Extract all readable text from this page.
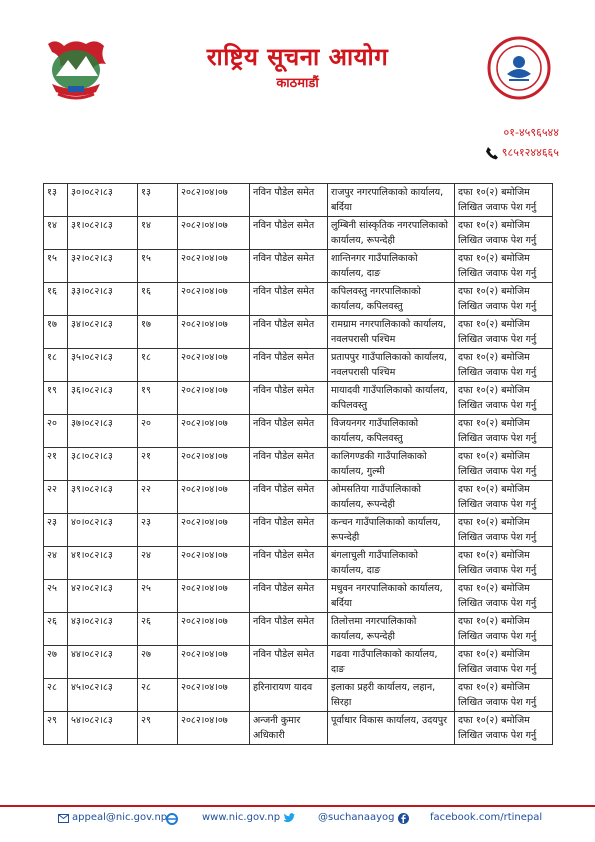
राष्ट्रिय सूचना आयोग
काठमाडौं
०१-४५९६५४४
९८५१२४४६६५
१३	३०।०८२।८३	१३	२०८२।०४।०७	नविन पौडेल समेत	राजपुर नगरपालिकाको कार्यालय, बर्दिया	दफा १०(२) बमोजिम लिखित जवाफ पेश गर्नु
१४	३१।०८२।८३	१४	२०८२।०४।०७	नविन पौडेल समेत	लुम्बिनी सांस्कृतिक नगरपालिकाको कार्यालय, रूपन्देही	दफा १०(२) बमोजिम लिखित जवाफ पेश गर्नु
१५	३२।०८२।८३	१५	२०८२।०४।०७	नविन पौडेल समेत	शान्तिनगर गाउँपालिकाको कार्यालय, दाङ	दफा १०(२) बमोजिम लिखित जवाफ पेश गर्नु
१६	३३।०८२।८३	१६	२०८२।०४।०७	नविन पौडेल समेत	कपिलवस्तु नगरपालिकाको कार्यालय, कपिलवस्तु	दफा १०(२) बमोजिम लिखित जवाफ पेश गर्नु
१७	३४।०८२।८३	१७	२०८२।०४।०७	नविन पौडेल समेत	रामग्राम नगरपालिकाको कार्यालय, नवलपरासी पश्चिम	दफा १०(२) बमोजिम लिखित जवाफ पेश गर्नु
१८	३५।०८२।८३	१८	२०८२।०४।०७	नविन पौडेल समेत	प्रतापपुर गाउँपालिकाको कार्यालय, नवलपरासी पश्चिम	दफा १०(२) बमोजिम लिखित जवाफ पेश गर्नु
१९	३६।०८२।८३	१९	२०८२।०४।०७	नविन पौडेल समेत	मायादवी गाउँपालिकाको कार्यालय, कपिलवस्तु	दफा १०(२) बमोजिम लिखित जवाफ पेश गर्नु
२०	३७।०८२।८३	२०	२०८२।०४।०७	नविन पौडेल समेत	विजयनगर गाउँपालिकाको कार्यालय, कपिलवस्तु	दफा १०(२) बमोजिम लिखित जवाफ पेश गर्नु
२१	३८।०८२।८३	२१	२०८२।०४।०७	नविन पौडेल समेत	कालिगण्डकी गाउँपालिकाको कार्यालय, गुल्मी	दफा १०(२) बमोजिम लिखित जवाफ पेश गर्नु
२२	३९।०८२।८३	२२	२०८२।०४।०७	नविन पौडेल समेत	ओमसतिया गाउँपालिकाको कार्यालय, रूपन्देही	दफा १०(२) बमोजिम लिखित जवाफ पेश गर्नु
२३	४०।०८२।८३	२३	२०८२।०४।०७	नविन पौडेल समेत	कन्चन गाउँपालिकाको कार्यालय, रूपन्देही	दफा १०(२) बमोजिम लिखित जवाफ पेश गर्नु
२४	४१।०८२।८३	२४	२०८२।०४।०७	नविन पौडेल समेत	बंगलाचुली गाउँपालिकाको कार्यालय, दाङ	दफा १०(२) बमोजिम लिखित जवाफ पेश गर्नु
२५	४२।०८२।८३	२५	२०८२।०४।०७	नविन पौडेल समेत	मधुवन नगरपालिकाको कार्यालय, बर्दिया	दफा १०(२) बमोजिम लिखित जवाफ पेश गर्नु
२६	४३।०८२।८३	२६	२०८२।०४।०७	नविन पौडेल समेत	तिलोत्तमा नगरपालिकाको कार्यालय, रूपन्देही	दफा १०(२) बमोजिम लिखित जवाफ पेश गर्नु
२७	४४।०८२।८३	२७	२०८२।०४।०७	नविन पौडेल समेत	गढवा गाउँपालिकाको कार्यालय, दाङ	दफा १०(२) बमोजिम लिखित जवाफ पेश गर्नु
२८	४५।०८२।८३	२८	२०८२।०४।०७	हरिनारायण यादव	इलाका प्रहरी कार्यालय, लहान, सिरहा	दफा १०(२) बमोजिम लिखित जवाफ पेश गर्नु
२९	५४।०८२।८३	२९	२०८२।०४।०७	अन्जनी कुमार अधिकारी	पूर्वाधार विकास कार्यालय, उदयपुर	दफा १०(२) बमोजिम लिखित जवाफ पेश गर्नु
appeal@nic.gov.np	www.nic.gov.np	@suchanaayog	facebook.com/rtinepal
